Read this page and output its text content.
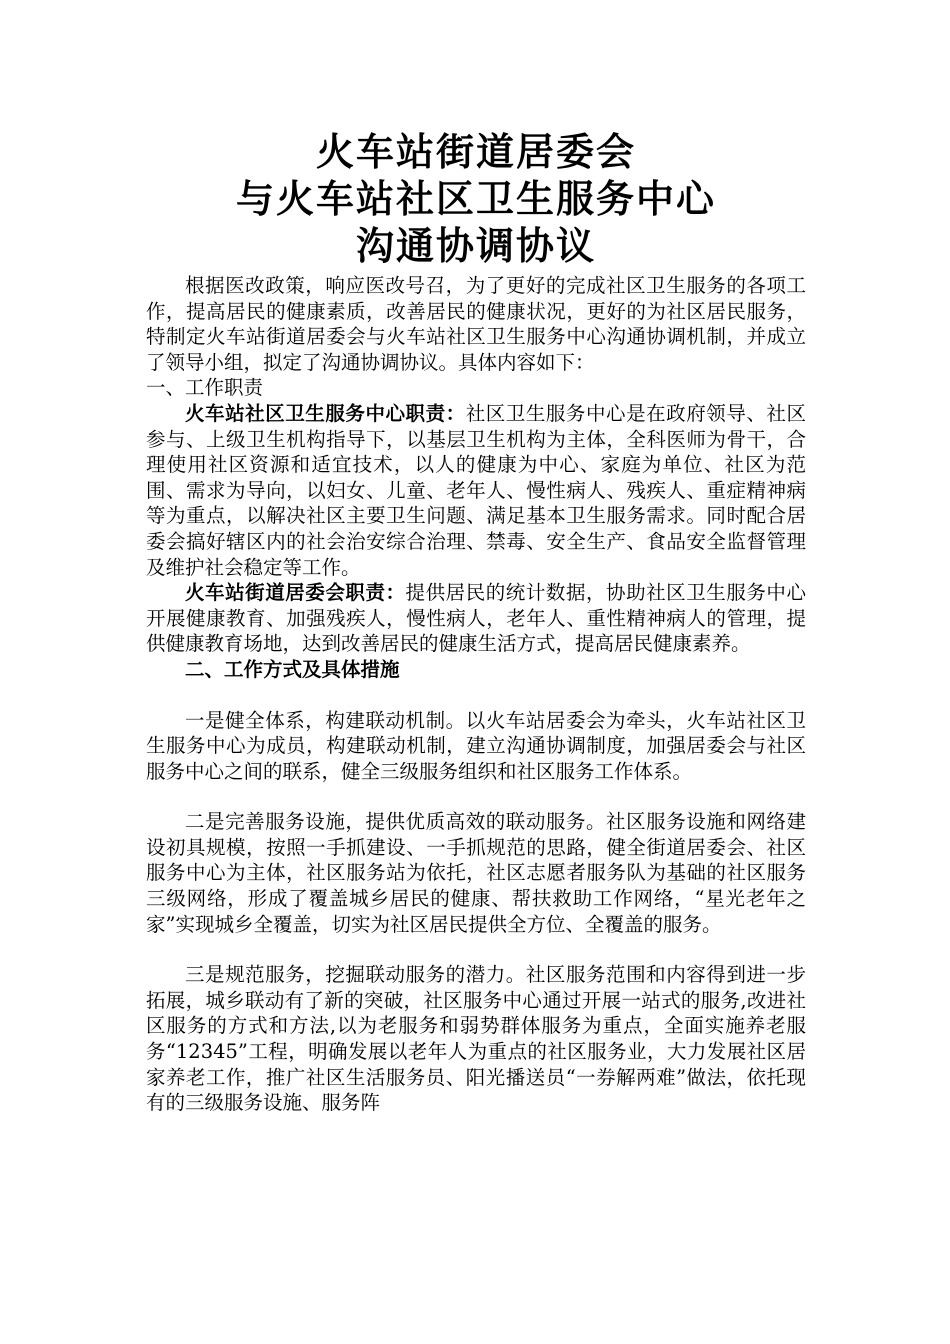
火车站街道居委会
与火车站社区卫生服务中心
沟通协调协议

根据医改政策，响应医改号召，为了更好的完成社区卫生服务的各项工作，提高居民的健康素质，改善居民的健康状况，更好的为社区居民服务，特制定火车站街道居委会与火车站社区卫生服务中心沟通协调机制，并成立了领导小组，拟定了沟通协调协议。具体内容如下：

一、工作职责

火车站社区卫生服务中心职责：社区卫生服务中心是在政府领导、社区参与、上级卫生机构指导下，以基层卫生机构为主体，全科医师为骨干，合理使用社区资源和适宜技术，以人的健康为中心、家庭为单位、社区为范围、需求为导向，以妇女、儿童、老年人、慢性病人、残疾人、重症精神病等为重点，以解决社区主要卫生问题、满足基本卫生服务需求。同时配合居委会搞好辖区内的社会治安综合治理、禁毒、安全生产、食品安全监督管理及维护社会稳定等工作。

火车站街道居委会职责：提供居民的统计数据，协助社区卫生服务中心开展健康教育、加强残疾人，慢性病人，老年人、重性精神病人的管理，提供健康教育场地，达到改善居民的健康生活方式，提高居民健康素养。

二、工作方式及具体措施

一是健全体系，构建联动机制。以火车站居委会为牵头，火车站社区卫生服务中心为成员，构建联动机制，建立沟通协调制度，加强居委会与社区服务中心之间的联系，健全三级服务组织和社区服务工作体系。

二是完善服务设施，提供优质高效的联动服务。社区服务设施和网络建设初具规模，按照一手抓建设、一手抓规范的思路，健全街道居委会、社区服务中心为主体，社区服务站为依托，社区志愿者服务队为基础的社区服务三级网络，形成了覆盖城乡居民的健康、帮扶救助工作网络，“星光老年之家”实现城乡全覆盖，切实为社区居民提供全方位、全覆盖的服务。

三是规范服务，挖掘联动服务的潜力。社区服务范围和内容得到进一步拓展，城乡联动有了新的突破，社区服务中心通过开展一站式的服务,改进社区服务的方式和方法,以为老服务和弱势群体服务为重点，全面实施养老服务“12345”工程，明确发展以老年人为重点的社区服务业，大力发展社区居家养老工作，推广社区生活服务员、阳光播送员“一券解两难”做法，依托现有的三级服务设施、服务阵
